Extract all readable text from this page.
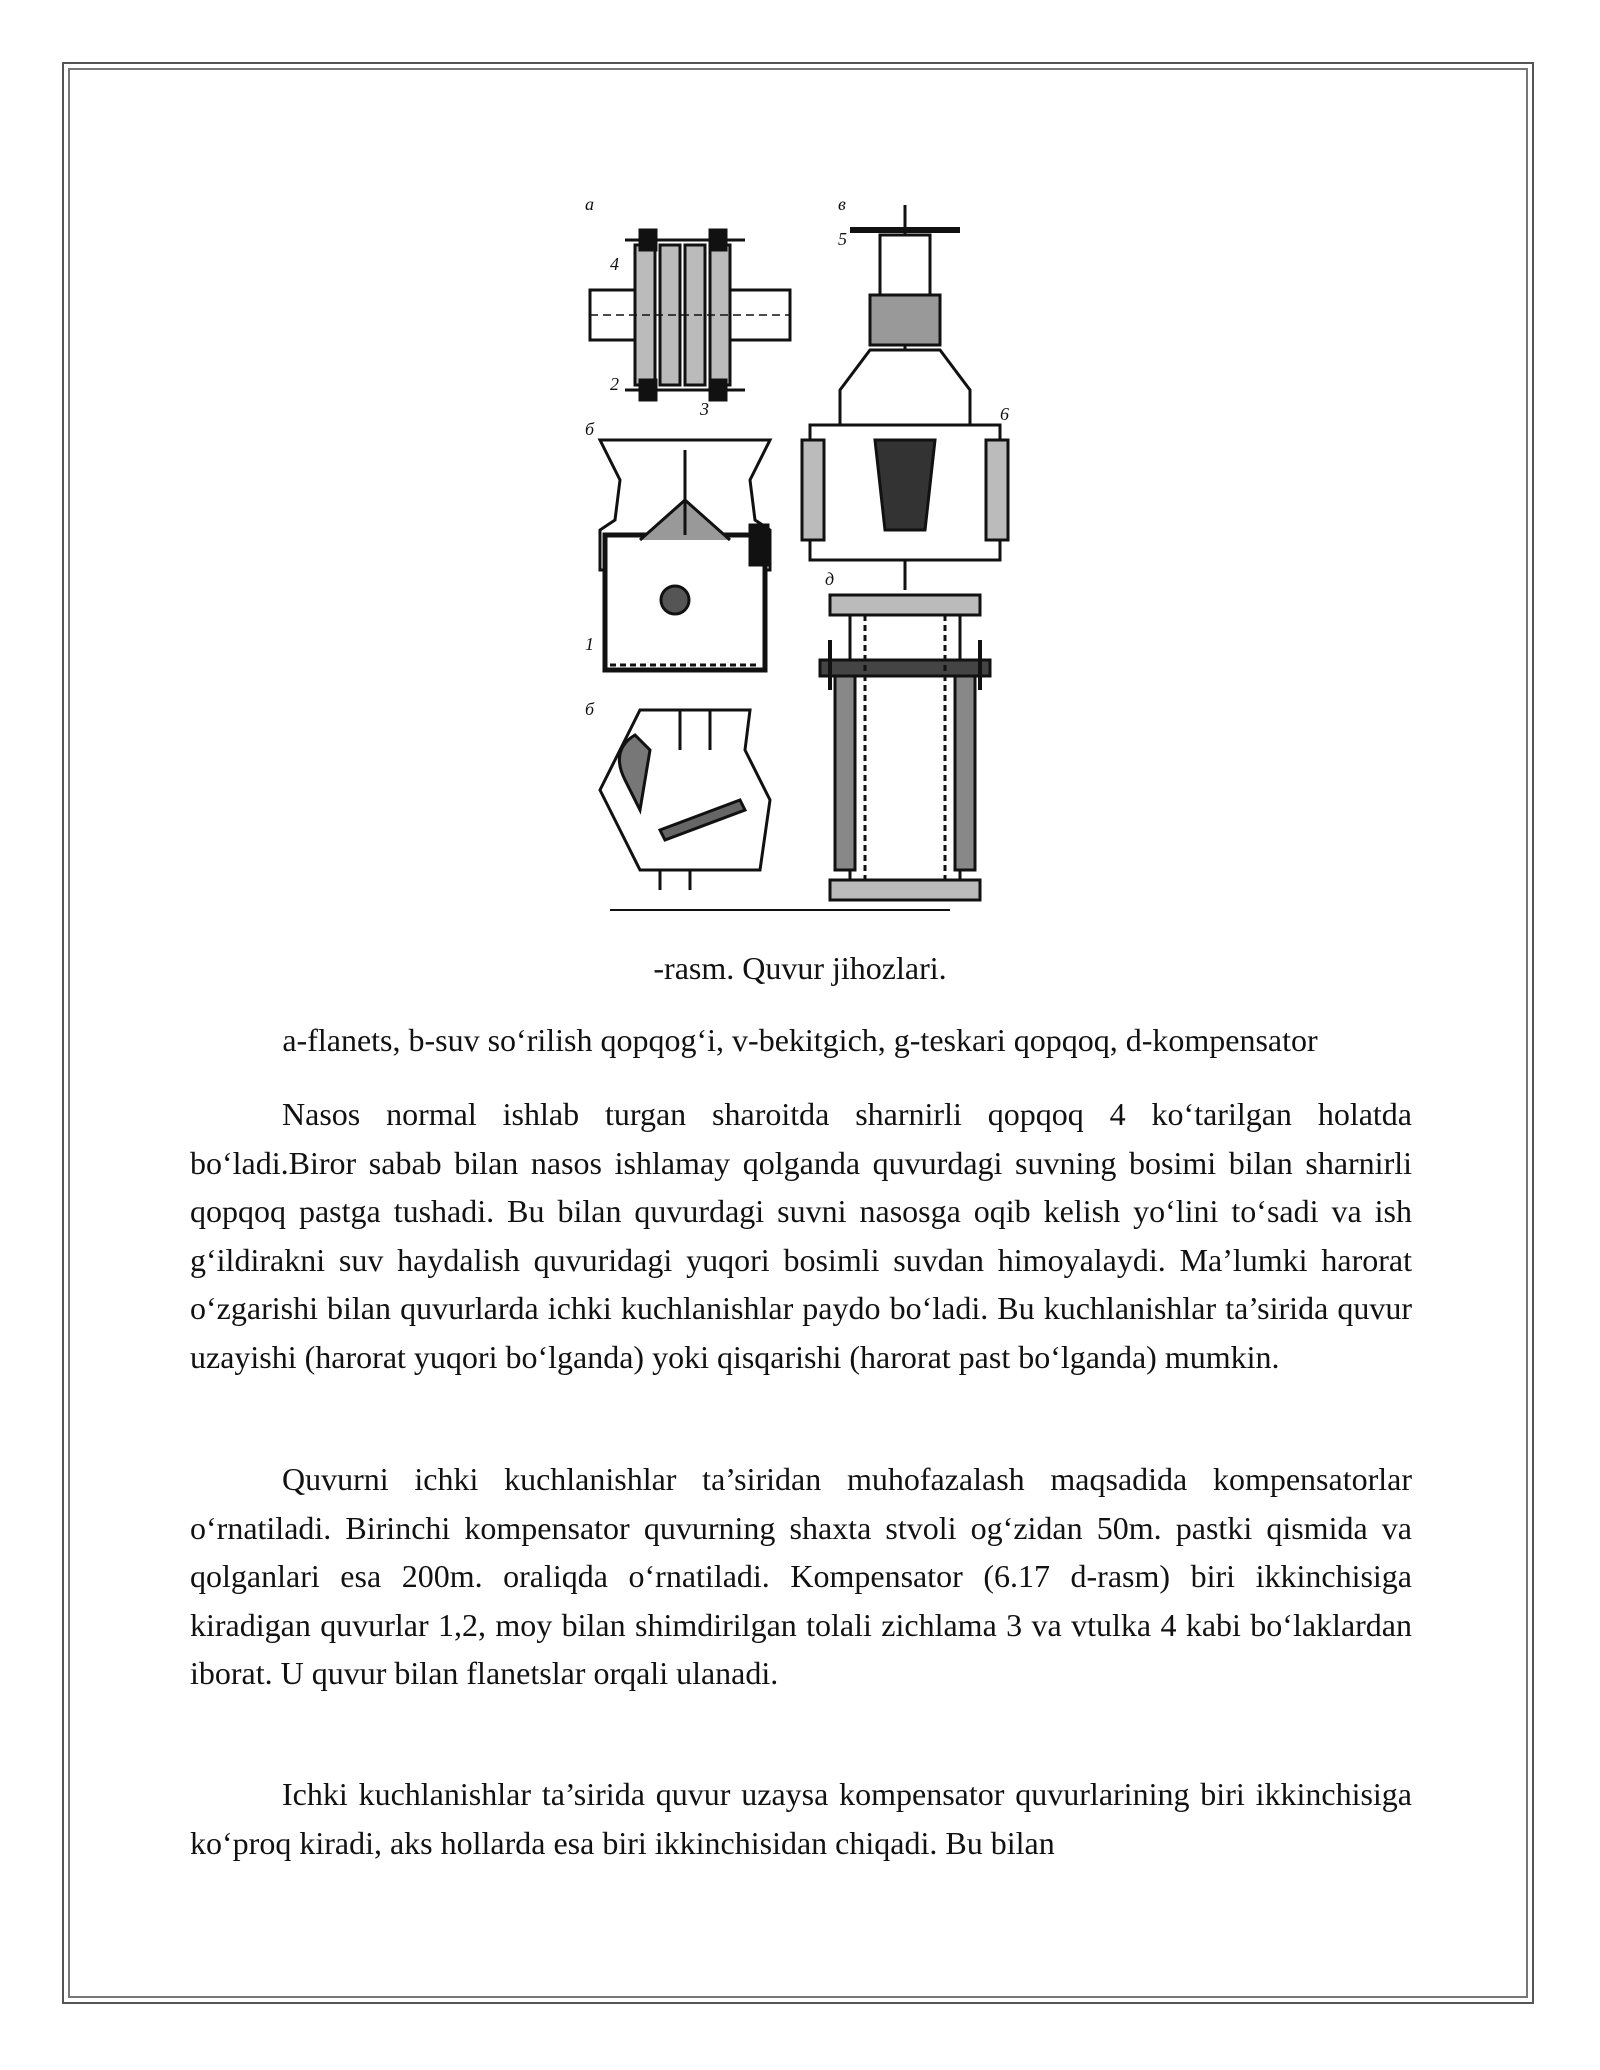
a	в
б
б
д
4
2
3
1
5
6
-rasm. Quvur jihozlari.
a-flanets, b-suv so‘rilish qopqog‘i, v-bekitgich, g-teskari qopqoq, d-kompensator

Nasos normal ishlab turgan sharoitda sharnirli qopqoq 4 ko‘tarilgan holatda bo‘ladi.Biror sabab bilan nasos ishlamay qolganda quvurdagi suvning bosimi bilan sharnirli qopqoq pastga tushadi. Bu bilan quvurdagi suvni nasosga oqib kelish yo‘lini to‘sadi va ish g‘ildirakni suv haydalish quvuridagi yuqori bosimli suvdan himoyalaydi. Ma’lumki harorat o‘zgarishi bilan quvurlarda ichki kuchlanishlar paydo bo‘ladi. Bu kuchlanishlar ta’sirida quvur uzayishi (harorat yuqori bo‘lganda) yoki qisqarishi (harorat past bo‘lganda) mumkin.

Quvurni ichki kuchlanishlar ta’siridan muhofazalash maqsadida kompensatorlar o‘rnatiladi. Birinchi kompensator quvurning shaxta stvoli og‘zidan 50m. pastki qismida va qolganlari esa 200m. oraliqda o‘rnatiladi. Kompensator (6.17 d-rasm) biri ikkinchisiga kiradigan quvurlar 1,2, moy bilan shimdirilgan tolali zichlama 3 va vtulka 4 kabi bo‘laklardan iborat. U quvur bilan flanetslar orqali ulanadi.

Ichki kuchlanishlar ta’sirida quvur uzaysa kompensator quvurlarining biri ikkinchisiga ko‘proq kiradi, aks hollarda esa biri ikkinchisidan chiqadi. Bu bilan
